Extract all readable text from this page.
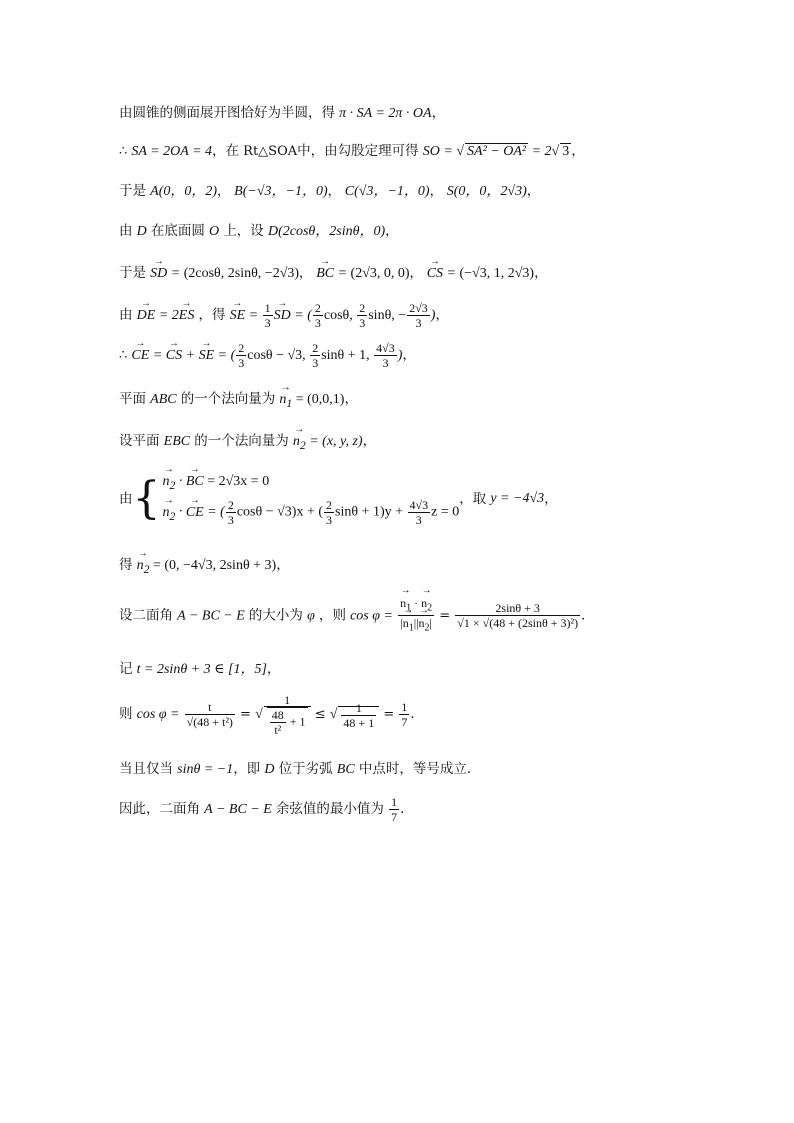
由圆锥的侧面展开图恰好为半圆，得 π · SA = 2π · OA，
∴ SA = 2OA = 4，在 Rt△SOA中，由勾股定理可得 SO = √ SA² − OA² = 2√ 3 ，
于是 A(0，0，2)， B(−√3，−1，0)， C(√3，−1，0)， S(0，0，2√3)，
由 D 在底面圆 O 上，设 D(2cosθ，2sinθ，0)，
于是 → SD = (2cosθ, 2sinθ, −2√3)， → BC = (2√3, 0, 0)， → CS = (−√3, 1, 2√3)，
由 → DE = 2→ ES ，得 → SE = $\frac{1}{3}$ → SD = ( $\frac{2}{3} \cos\theta$, $\frac{2}{3} \sin\theta$, − $\frac{2√3}{3}$ )，
∴ → CE = → CS + → SE = ( $\frac{2}{3}$ cosθ − √3, $\frac{2}{3}$ sinθ + 1, $\frac{4√3}{3}$ )，
平面 ABC 的一个法向量为 → $n_1 = (0,0,1)$，
设平面 EBC 的一个法向量为 → $n_2 = (x$, y, z)，
由{ → $n_2$ · → BC = 2√3x = 0
→ $n_2$ · → CE = ( $\frac{2}{3}$ cosθ − √3)x + ( $\frac{2}{3}$ $\sin\theta + 1)y + \frac{4√3}{3}$ z = 0
，取 y = −4√3，
得 → $n_2 = (0$, −4√3, 2sinθ + 3)，
设二面角 A − BC − E 的大小为 φ ，则 cos φ = → $\frac{n_1 \cdot \to n_2}{|\to n_1||\to n_2|} = \frac{2\sin\theta + 3}{\text{√1 × √(48 + (2sinθ + 3)²)}}$ ．
记 t = 2sinθ + 3 ∈ [1，5]，
则 $\cos \varphi = \frac{t}{\text{√(48 + t²)}}$ = √ $\frac{1}{\frac{48}{\text{t²}} + 1}$ ≤ √ $\frac{1}{48 + 1} = \frac{1}{7}$ ．
当且仅当 sinθ = −1，即 D 位于劣弧 BC 中点时，等号成立．
因此，二面角 A − BC − E 余弦值的最小值为 $\frac{1}{7}$ ．
